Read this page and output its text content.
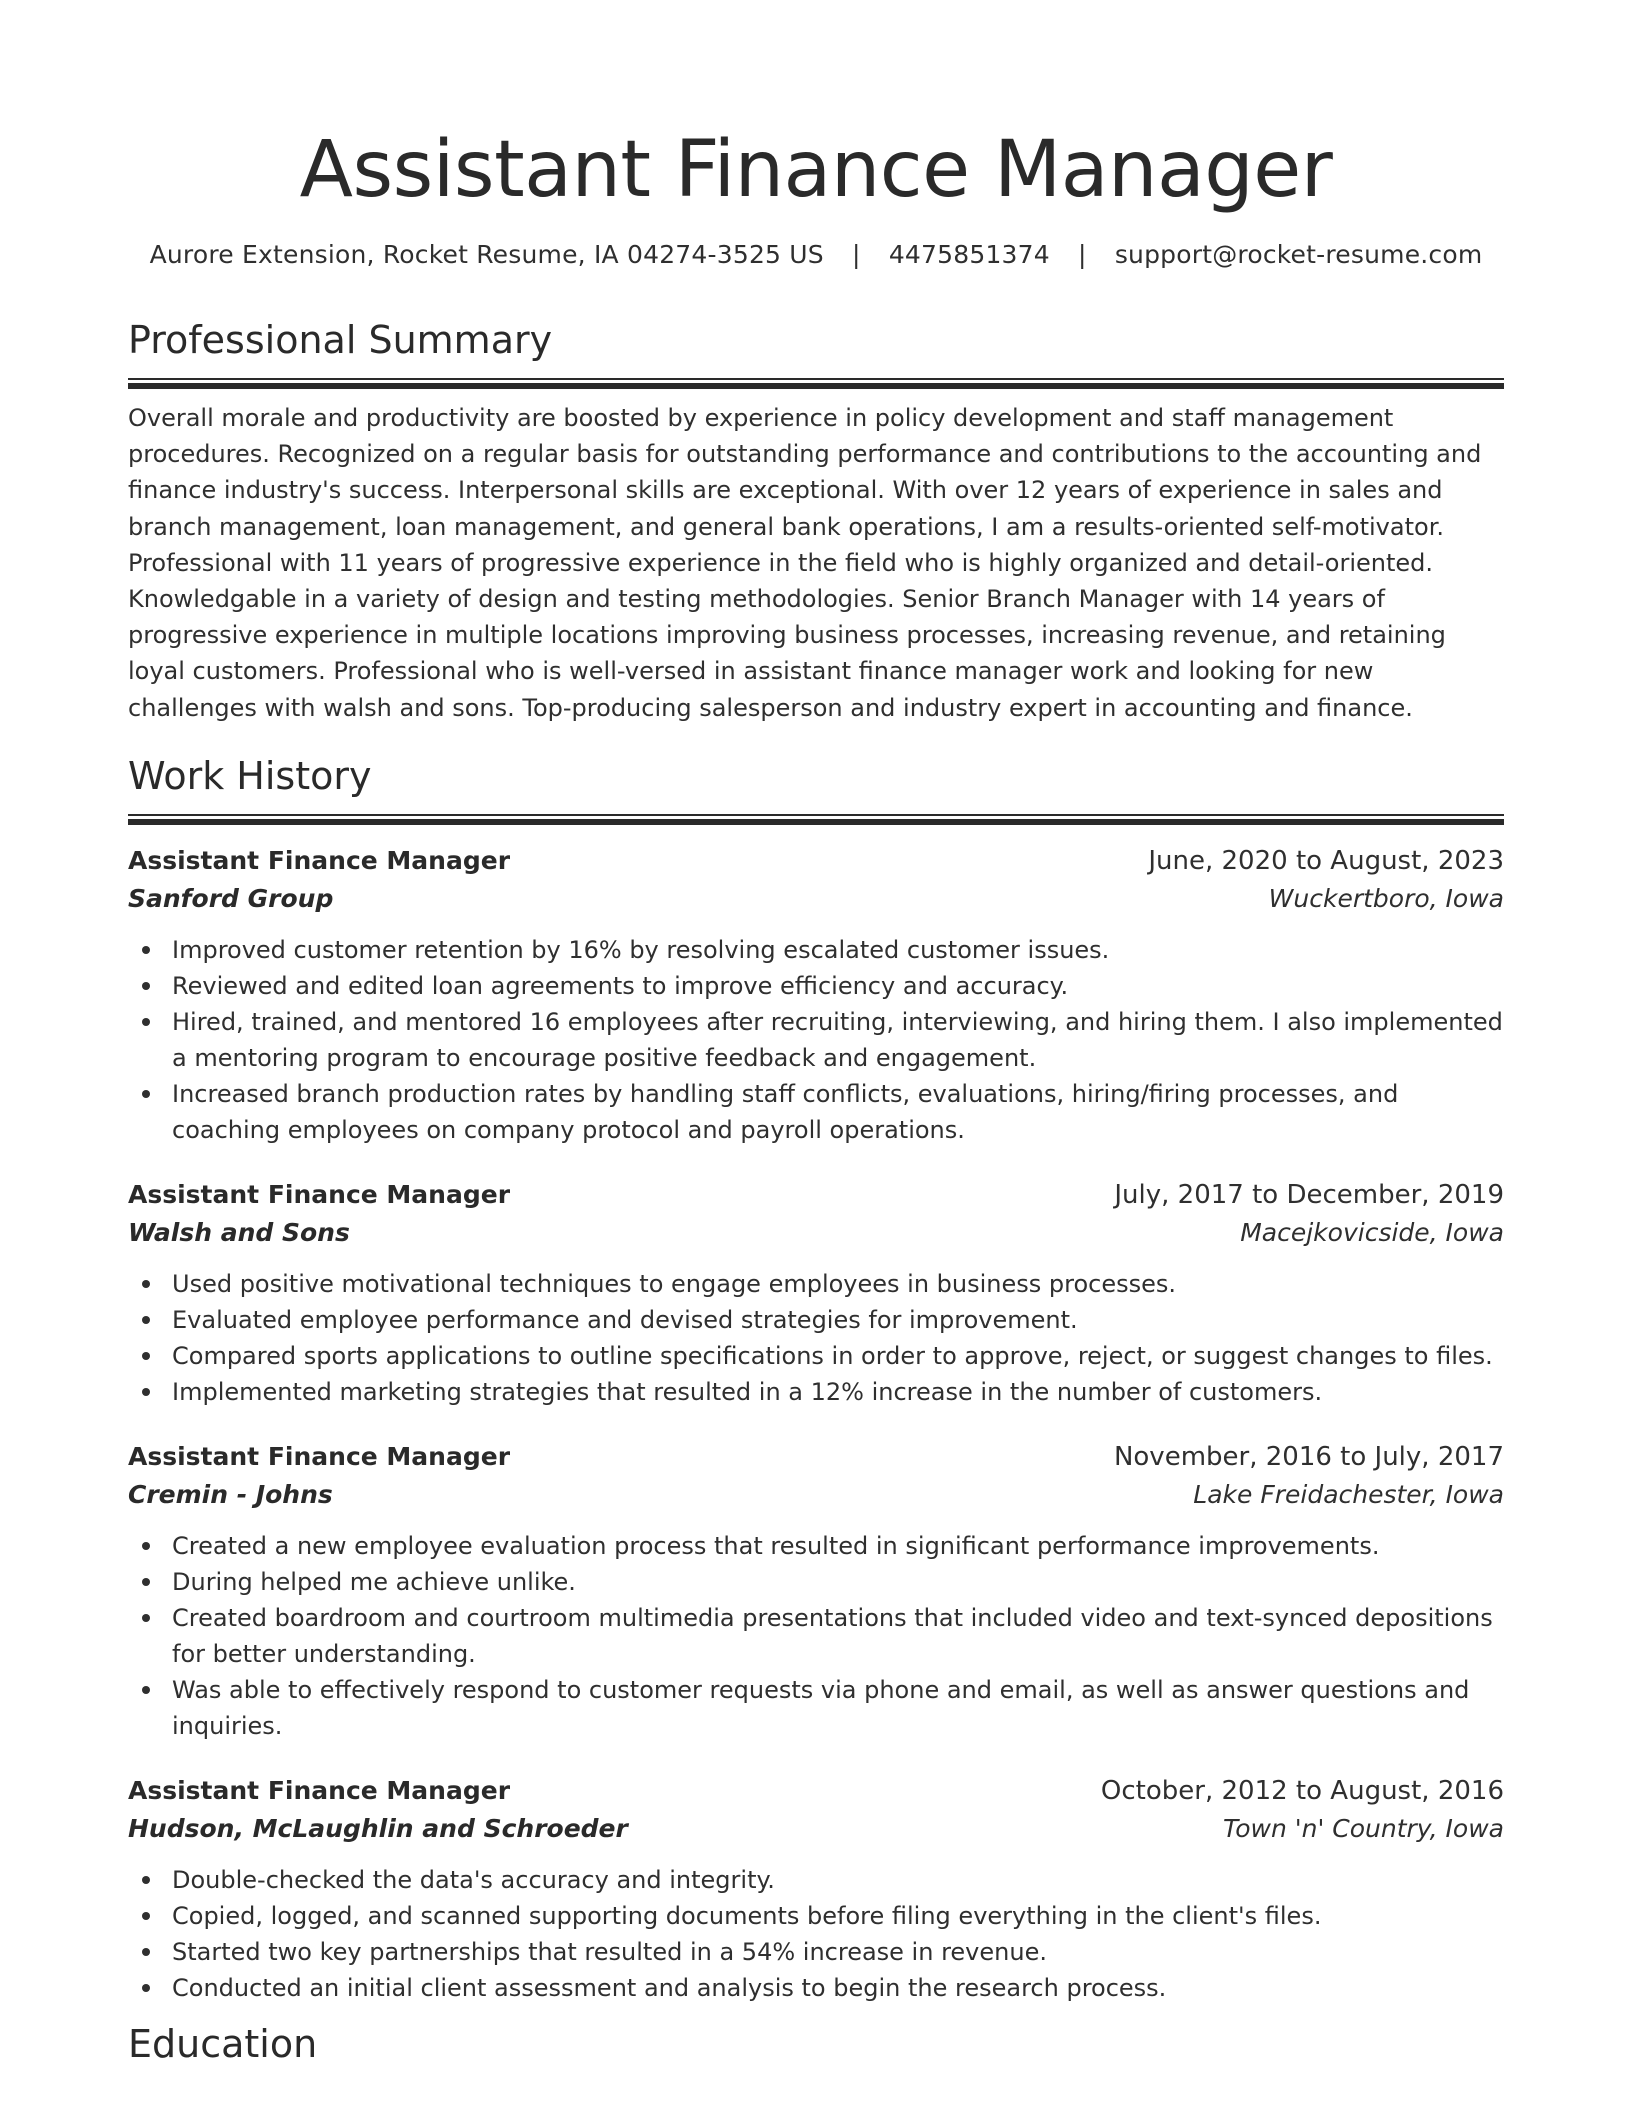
Assistant Finance Manager
Aurore Extension, Rocket Resume, IA 04274-3525 US | 4475851374 | support@rocket-resume.com
Professional Summary

Overall morale and productivity are boosted by experience in policy development and staff management procedures. Recognized on a regular basis for outstanding performance and contributions to the accounting and finance industry's success. Interpersonal skills are exceptional. With over 12 years of experience in sales and branch management, loan management, and general bank operations, I am a results-oriented self-motivator. Professional with 11 years of progressive experience in the field who is highly organized and detail-oriented. Knowledgable in a variety of design and testing methodologies. Senior Branch Manager with 14 years of progressive experience in multiple locations improving business processes, increasing revenue, and retaining loyal customers. Professional who is well-versed in assistant finance manager work and looking for new challenges with walsh and sons. Top-producing salesperson and industry expert in accounting and finance.

Work History
Assistant Finance Manager	June, 2020 to August, 2023
Sanford Group	Wuckertboro, Iowa
Improved customer retention by 16% by resolving escalated customer issues.
Reviewed and edited loan agreements to improve efficiency and accuracy.
Hired, trained, and mentored 16 employees after recruiting, interviewing, and hiring them. I also implemented a mentoring program to encourage positive feedback and engagement.
Increased branch production rates by handling staff conflicts, evaluations, hiring/firing processes, and coaching employees on company protocol and payroll operations.
Assistant Finance Manager	July, 2017 to December, 2019
Walsh and Sons	Macejkovicside, Iowa
Used positive motivational techniques to engage employees in business processes.
Evaluated employee performance and devised strategies for improvement.
Compared sports applications to outline specifications in order to approve, reject, or suggest changes to files.
Implemented marketing strategies that resulted in a 12% increase in the number of customers.
Assistant Finance Manager	November, 2016 to July, 2017
Cremin - Johns	Lake Freidachester, Iowa
Created a new employee evaluation process that resulted in significant performance improvements.
During helped me achieve unlike.
Created boardroom and courtroom multimedia presentations that included video and text-synced depositions for better understanding.
Was able to effectively respond to customer requests via phone and email, as well as answer questions and inquiries.
Assistant Finance Manager	October, 2012 to August, 2016
Hudson, McLaughlin and Schroeder	Town 'n' Country, Iowa
Double-checked the data's accuracy and integrity.
Copied, logged, and scanned supporting documents before filing everything in the client's files.
Started two key partnerships that resulted in a 54% increase in revenue.
Conducted an initial client assessment and analysis to begin the research process.
Education
